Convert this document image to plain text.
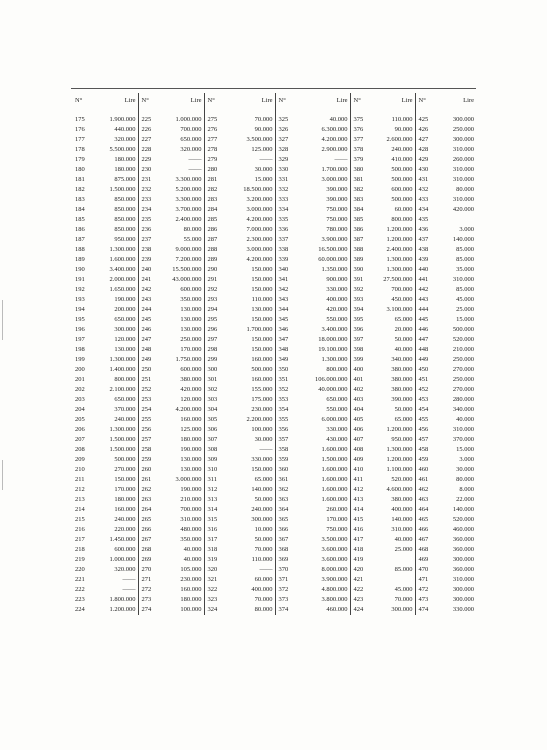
N°	Lire	N°	Lire	N°	Lire	N°	Lire	N°	Lire	N°	Lire

175	1.900.000	225	1.000.000	275	70.000	325	40.000	375	110.000	425	300.000
176	440.000	226	700.000	276	90.000	326	6.300.000	376	90.000	426	250.000
177	320.000	227	650.000	277	3.500.000	327	4.200.000	377	2.600.000	427	300.000
178	5.500.000	228	320.000	278	125.000	328	2.900.000	378	240.000	428	310.000
179	180.000	229	——	279	——	329	——	379	410.000	429	260.000
180	180.000	230	——	280	30.000	330	1.700.000	380	500.000	430	310.000
181	875.000	231	3.300.000	281	15.000	331	3.000.000	381	500.000	431	310.000
182	1.500.000	232	5.200.000	282	18.500.000	332	390.000	382	600.000	432	80.000
183	850.000	233	3.300.000	283	3.200.000	333	390.000	383	500.000	433	310.000
184	850.000	234	3.700.000	284	3.000.000	334	750.000	384	60.000	434	420.000
185	850.000	235	2.400.000	285	4.200.000	335	750.000	385	800.000	435	
186	850.000	236	80.000	286	7.000.000	336	780.000	386	1.200.000	436	3.000
187	950.000	237	55.000	287	2.300.000	337	3.900.000	387	1.200.000	437	140.000
188	1.300.000	238	9.000.000	288	3.000.000	338	16.500.000	388	2.400.000	438	85.000
189	1.600.000	239	7.200.000	289	4.200.000	339	60.000.000	389	1.300.000	439	85.000
190	3.400.000	240	15.500.000	290	150.000	340	1.350.000	390	1.300.000	440	35.000
191	2.000.000	241	43.000.000	291	150.000	341	900.000	391	27.500.000	441	310.000
192	1.650.000	242	600.000	292	150.000	342	330.000	392	700.000	442	85.000
193	190.000	243	350.000	293	110.000	343	400.000	393	450.000	443	45.000
194	200.000	244	130.000	294	130.000	344	420.000	394	3.100.000	444	25.000
195	650.000	245	130.000	295	150.000	345	550.000	395	65.000	445	15.000
196	300.000	246	130.000	296	1.700.000	346	3.400.000	396	20.000	446	500.000
197	120.000	247	250.000	297	150.000	347	18.000.000	397	50.000	447	520.000
198	130.000	248	170.000	298	150.000	348	19.100.000	398	40.000	448	210.000
199	1.300.000	249	1.750.000	299	160.000	349	1.300.000	399	340.000	449	250.000
200	1.400.000	250	600.000	300	500.000	350	800.000	400	380.000	450	270.000
201	800.000	251	380.000	301	160.000	351	106.000.000	401	380.000	451	250.000
202	2.100.000	252	420.000	302	155.000	352	40.000.000	402	380.000	452	270.000
203	650.000	253	120.000	303	175.000	353	650.000	403	390.000	453	280.000
204	370.000	254	4.200.000	304	230.000	354	550.000	404	50.000	454	340.000
205	240.000	255	160.000	305	2.200.000	355	6.000.000	405	65.000	455	40.000
206	1.300.000	256	125.000	306	100.000	356	330.000	406	1.200.000	456	310.000
207	1.500.000	257	180.000	307	30.000	357	430.000	407	950.000	457	370.000
208	1.500.000	258	190.000	308	——	358	1.600.000	408	1.300.000	458	15.000
209	500.000	259	130.000	309	330.000	359	1.500.000	409	1.200.000	459	3.000
210	270.000	260	130.000	310	150.000	360	1.600.000	410	1.100.000	460	30.000
211	150.000	261	3.000.000	311	65.000	361	1.600.000	411	520.000	461	80.000
212	170.000	262	190.000	312	140.000	362	1.600.000	412	4.600.000	462	8.000
213	180.000	263	210.000	313	50.000	363	1.600.000	413	380.000	463	22.000
214	160.000	264	700.000	314	240.000	364	260.000	414	400.000	464	140.000
215	240.000	265	310.000	315	300.000	365	170.000	415	140.000	465	520.000
216	220.000	266	480.000	316	10.000	366	750.000	416	310.000	466	460.000
217	1.450.000	267	350.000	317	50.000	367	3.500.000	417	40.000	467	360.000
218	600.000	268	40.000	318	70.000	368	3.600.000	418	25.000	468	360.000
219	1.000.000	269	40.000	319	110.000	369	3.600.000	419		469	300.000
220	320.000	270	105.000	320	——	370	8.000.000	420	85.000	470	360.000
221	——	271	230.000	321	60.000	371	3.900.000	421		471	310.000
222	——	272	160.000	322	400.000	372	4.800.000	422	45.000	472	300.000
223	1.800.000	273	180.000	323	70.000	373	3.800.000	423	70.000	473	300.000
224	1.200.000	274	100.000	324	80.000	374	460.000	424	300.000	474	330.000
